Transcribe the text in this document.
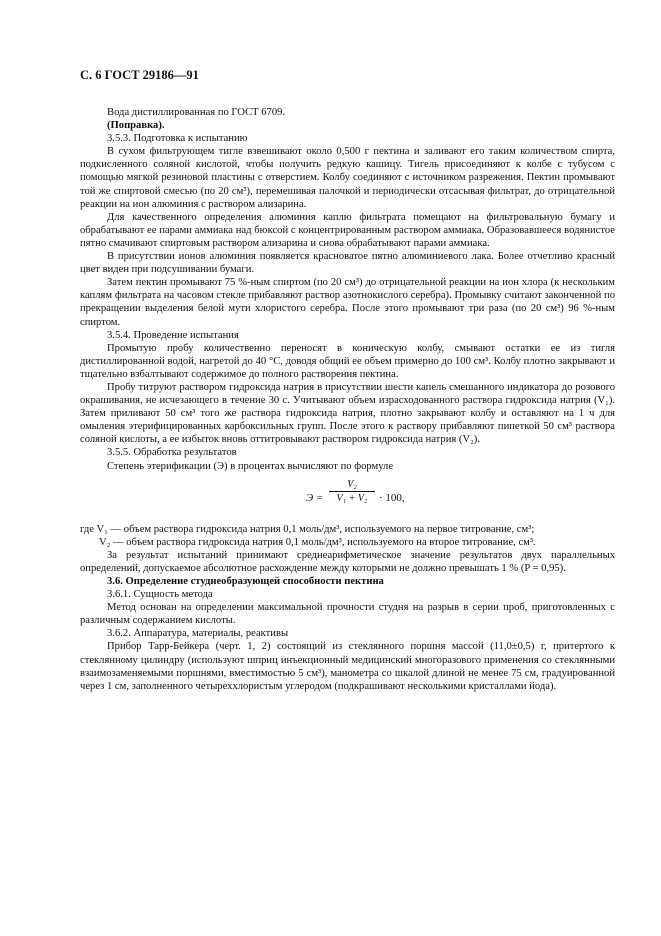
С. 6 ГОСТ 29186—91

Вода дистиллированная по ГОСТ 6709.

(Поправка).

3.5.3. Подготовка к испытанию

В сухом фильтрующем тигле взвешивают около 0,500 г пектина и заливают его таким количеством спирта, подкисленного соляной кислотой, чтобы получить редкую кашицу. Тигель присоединяют к колбе с тубусом с помощью мягкой резиновой пластины с отверстием. Колбу соединяют с источником разрежения. Пектин промывают той же спиртовой смесью (по 20 см³), перемешивая палочкой и периодически отсасывая фильтрат, до отрицательной реакции на ион алюминия с раствором ализарина.

Для качественного определения алюминия каплю фильтрата помещают на фильтровальную бумагу и обрабатывают ее парами аммиака над бюксой с концентрированным раствором аммиака. Образовавшееся водянистое пятно смачивают спиртовым раствором ализарина и снова обрабатывают парами аммиака.

В присутствии ионов алюминия появляется красноватое пятно алюминиевого лака. Более отчетливо красный цвет виден при подсушивании бумаги.

Затем пектин промывают 75 %-ным спиртом (по 20 см³) до отрицательной реакции на ион хлора (к нескольким каплям фильтрата на часовом стекле прибавляют раствор азотнокислого серебра). Промывку считают законченной по прекращении выделения белой мути хлористого серебра. После этого промывают три раза (по 20 см³) 96 %-ным спиртом.

3.5.4. Проведение испытания

Промытую пробу количественно переносят в коническую колбу, смывают остатки ее из тигля дистиллированной водой, нагретой до 40 °С, доводя общий ее объем примерно до 100 см³. Колбу плотно закрывают и тщательно взбалтывают содержимое до полного растворения пектина.

Пробу титруют раствором гидроксида натрия в присутствии шести капель смешанного индикатора до розового окрашивания, не исчезающего в течение 30 с. Учитывают объем израсходованного раствора гидроксида натрия (V₁). Затем приливают 50 см³ того же раствора гидроксида натрия, плотно закрывают колбу и оставляют на 1 ч для омыления этерифицированных карбоксильных групп. После этого к раствору прибавляют пипеткой 50 см³ раствора соляной кислоты, а ее избыток вновь оттитровывают раствором гидроксида натрия (V₂).

3.5.5. Обработка результатов

Степень этерификации (Э) в процентах вычисляют по формуле

$Э = \frac{\text{V₂}}{\text{V₁ + V₂}} \cdot 100$,

где V₁ — объем раствора гидроксида натрия 0,1 моль/дм³, используемого на первое титрование, см³;

V₂ — объем раствора гидроксида натрия 0,1 моль/дм³, используемого на второе титрование, см³.

За результат испытаний принимают среднеарифметическое значение результатов двух параллельных определений, допускаемое абсолютное расхождение между которыми не должно превышать 1 % (P = 0,95).

3.6. Определение студнеобразующей способности пектина

3.6.1. Сущность метода

Метод основан на определении максимальной прочности студня на разрыв в серии проб, приготовленных с различным содержанием кислоты.

3.6.2. Аппаратура, материалы, реактивы

Прибор Тарр-Бейкера (черт. 1, 2) состоящий из стеклянного поршня массой (11,0±0,5) г, притертого к стеклянному цилиндру (используют шприц инъекционный медицинский многоразового применения со стеклянными взаимозаменяемыми поршнями, вместимостью 5 см³), манометра со шкалой длиной не менее 75 см, градуированной через 1 см, заполненного четыреххлористым углеродом (подкрашивают несколькими кристаллами йода).
